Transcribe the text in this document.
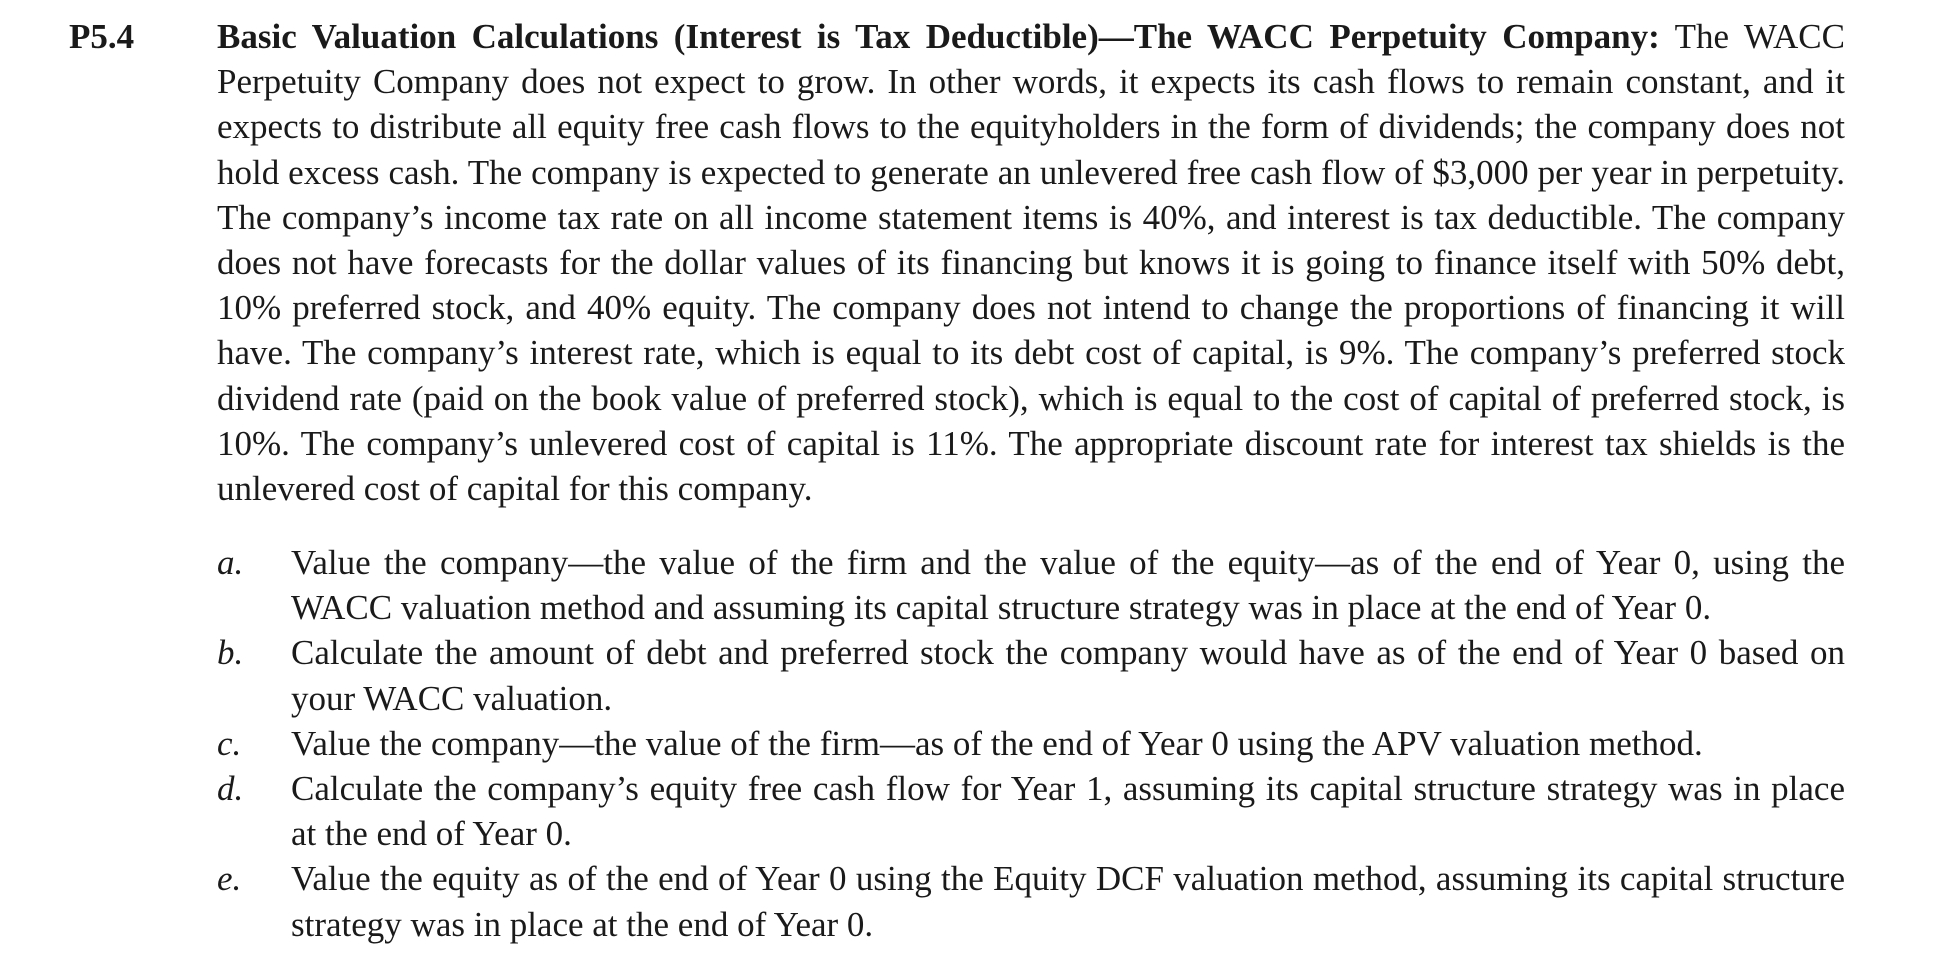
P5.4 Basic Valuation Calculations (Interest is Tax Deductible)—The WACC Perpetuity Company: The WACC Perpetuity Company does not expect to grow. In other words, it expects its cash flows to remain constant, and it expects to distribute all equity free cash flows to the equityholders in the form of dividends; the company does not hold excess cash. The company is expected to generate an unlevered free cash flow of $3,000 per year in perpetuity. The company’s income tax rate on all income statement items is 40%, and interest is tax deductible. The company does not have forecasts for the dollar values of its financing but knows it is going to finance itself with 50% debt, 10% preferred stock, and 40% equity. The company does not intend to change the proportions of financing it will have. The company’s interest rate, which is equal to its debt cost of capital, is 9%. The company’s preferred stock dividend rate (paid on the book value of preferred stock), which is equal to the cost of capital of preferred stock, is 10%. The company’s unlevered cost of capital is 11%. The appropriate discount rate for interest tax shields is the unlevered cost of capital for this company.
a. Value the company—the value of the firm and the value of the equity—as of the end of Year 0, using the WACC valuation method and assuming its capital structure strategy was in place at the end of Year 0.
b. Calculate the amount of debt and preferred stock the company would have as of the end of Year 0 based on your WACC valuation.
c. Value the company—the value of the firm—as of the end of Year 0 using the APV valuation method.
d. Calculate the company’s equity free cash flow for Year 1, assuming its capital structure strategy was in place at the end of Year 0.
e. Value the equity as of the end of Year 0 using the Equity DCF valuation method, assuming its capital structure strategy was in place at the end of Year 0.
